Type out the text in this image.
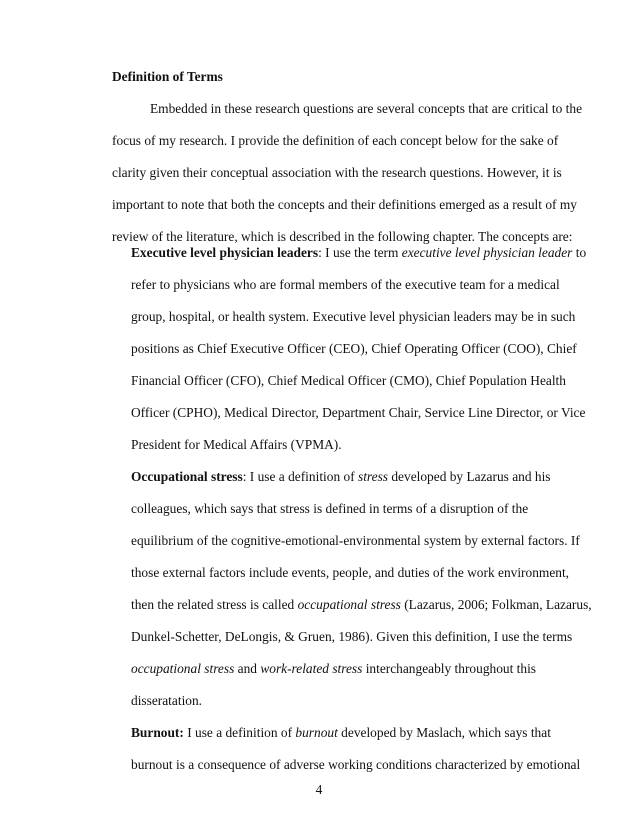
Definition of Terms
Embedded in these research questions are several concepts that are critical to the
focus of my research. I provide the definition of each concept below for the sake of
clarity given their conceptual association with the research questions. However, it is
important to note that both the concepts and their definitions emerged as a result of my
review of the literature, which is described in the following chapter. The concepts are:
Executive level physician leaders: I use the term executive level physician leader to
refer to physicians who are formal members of the executive team for a medical
group, hospital, or health system. Executive level physician leaders may be in such
positions as Chief Executive Officer (CEO), Chief Operating Officer (COO), Chief
Financial Officer (CFO), Chief Medical Officer (CMO), Chief Population Health
Officer (CPHO), Medical Director, Department Chair, Service Line Director, or Vice
President for Medical Affairs (VPMA).
Occupational stress: I use a definition of stress developed by Lazarus and his
colleagues, which says that stress is defined in terms of a disruption of the
equilibrium of the cognitive-emotional-environmental system by external factors. If
those external factors include events, people, and duties of the work environment,
then the related stress is called occupational stress (Lazarus, 2006; Folkman, Lazarus,
Dunkel-Schetter, DeLongis, & Gruen, 1986). Given this definition, I use the terms
occupational stress and work-related stress interchangeably throughout this
disseratation.
Burnout: I use a definition of burnout developed by Maslach, which says that
burnout is a consequence of adverse working conditions characterized by emotional
4
